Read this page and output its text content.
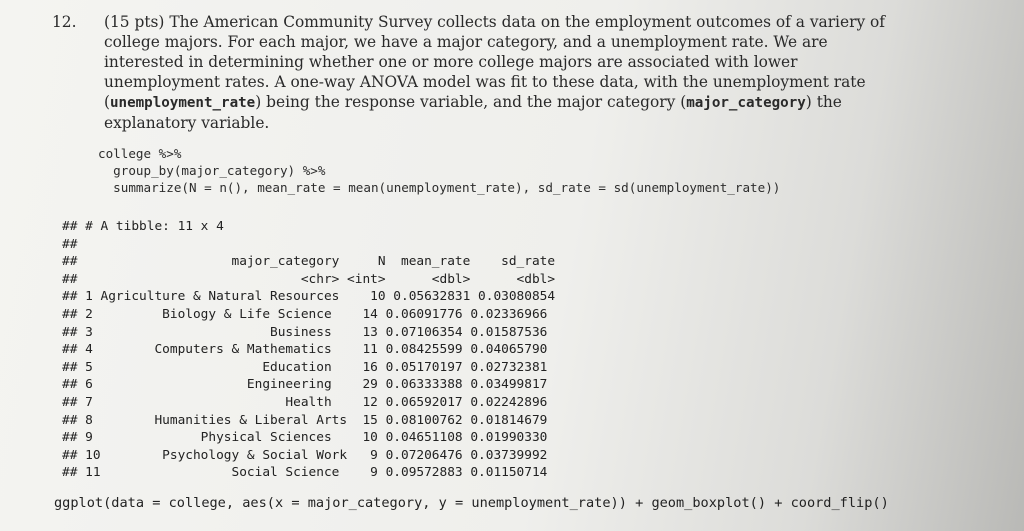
12. (15 pts) The American Community Survey collects data on the employment outcomes of a variery of college majors. For each major, we have a major category, and a unemployment rate. We are interested in determining whether one or more college majors are associated with lower unemployment rates. A one-way ANOVA model was fit to these data, with the unemployment rate (unemployment_rate) being the response variable, and the major category (major_category) the explanatory variable.
college %>%
group_by(major_category) %>%
summarize(N = n(), mean_rate = mean(unemployment_rate), sd_rate = sd(unemployment_rate))
## # A tibble: 11 x 4
##
##                    major_category     N  mean_rate    sd_rate
##                             <chr> <int>      <dbl>      <dbl>
## 1 Agriculture & Natural Resources    10 0.05632831 0.03080854
## 2         Biology & Life Science    14 0.06091776 0.02336966
## 3                       Business    13 0.07106354 0.01587536
## 4        Computers & Mathematics    11 0.08425599 0.04065790
## 5                      Education    16 0.05170197 0.02732381
## 6                    Engineering    29 0.06333388 0.03499817
## 7                         Health    12 0.06592017 0.02242896
## 8        Humanities & Liberal Arts  15 0.08100762 0.01814679
## 9              Physical Sciences    10 0.04651108 0.01990330
## 10        Psychology & Social Work   9 0.07206476 0.03739992
## 11                 Social Science    9 0.09572883 0.01150714
ggplot(data = college, aes(x = major_category, y = unemployment_rate)) + geom_boxplot() + coord_flip()
